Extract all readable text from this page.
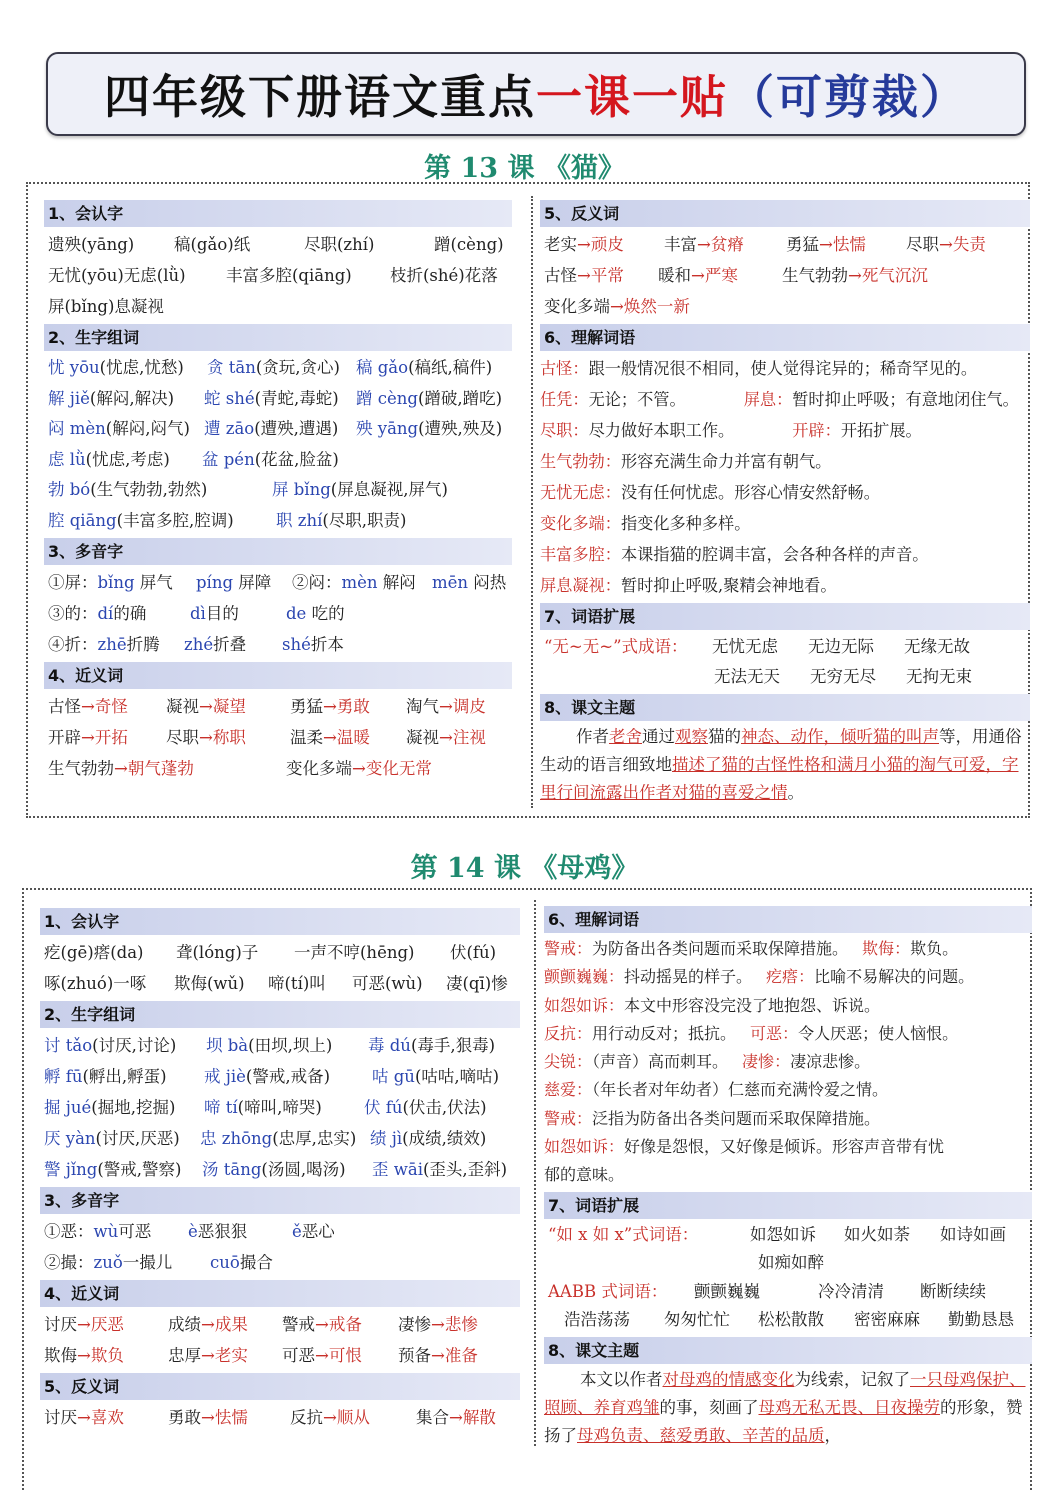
四年级下册语文重点 一课一贴 （可剪裁）
第 13 课 《猫》
1、会认字
遗殃(yāng) 稿(gǎo)纸	尽职(zhí)	蹭(cèng)
无忧(yōu)无虑(lǜ) 丰富多腔(qiāng) 枝折(shé)花落
屏(bǐng)息凝视
2、生字组词
忧 yōu(忧虑,忧愁) 贪 tān(贪玩,贪心) 稿 gǎo(稿纸,稿件)
解 jiě(解闷,解决) 蛇 shé(青蛇,毒蛇) 蹭 cèng(蹭破,蹭吃)
闷 mèn(解闷,闷气) 遭 zāo(遭殃,遭遇) 殃 yāng(遭殃,殃及)
虑 lǜ(忧虑,考虑) 盆 pén(花盆,脸盆)
勃 bó(生气勃勃,勃然)	屏 bǐng(屏息凝视,屏气)
腔 qiāng(丰富多腔,腔调)	职 zhí(尽职,职责)
3、多音字
①屏：bǐng 屏气 píng 屏障 ②闷：mèn 解闷 mēn 闷热
③的：dí的确	dì目的	de 吃的
④折：zhē折腾 zhé折叠 shé折本
4、近义词
古怪→奇怪 凝视→凝望	勇猛→勇敢 淘气→调皮
开辟→开拓 尽职→称职	温柔→温暖 凝视→注视
生气勃勃→朝气蓬勃	变化多端→变化无常
5、反义词
老实→顽皮 丰富→贫瘠	勇猛→怯懦 尽职→失责
古怪→平常 暖和→严寒	生气勃勃→死气沉沉
变化多端→焕然一新
6、理解词语
古怪：跟一般情况很不相同，使人觉得诧异的；稀奇罕见的。
任凭：无论；不管。	屏息：暂时抑止呼吸；有意地闭住气。
尽职：尽力做好本职工作。	开辟：开拓扩展。
生气勃勃：形容充满生命力并富有朝气。
无忧无虑：没有任何忧虑。形容心情安然舒畅。
变化多端：指变化多种多样。
丰富多腔：本课指猫的腔调丰富，会各种各样的声音。
屏息凝视：暂时抑止呼吸,聚精会神地看。
7、词语扩展
“无~无~”式成语： 无忧无虑 无边无际 无缘无故
无法无天 无穷无尽 无拘无束
8、课文主题
作者老舍通过观察猫的神态、动作，倾听猫的叫声等，用通俗生动的语言细致地描述了猫的古怪性格和满月小猫的淘气可爱，字里行间流露出作者对猫的喜爱之情。
第 14 课 《母鸡》
1、会认字
疙(gē)瘩(da) 聋(lóng)子 一声不哼(hēng) 伏(fú)
啄(zhuó)一啄 欺侮(wǔ) 啼(tí)叫 可恶(wù) 凄(qī)惨
2、生字组词
讨 tǎo(讨厌,讨论) 坝 bà(田坝,坝上) 毒 dú(毒手,狠毒)
孵 fū(孵出,孵蛋) 戒 jiè(警戒,戒备)	咕 gū(咕咕,嘀咕)
掘 jué(掘地,挖掘) 啼 tí(啼叫,啼哭)	伏 fú(伏击,伏法)
厌 yàn(讨厌,厌恶) 忠 zhōng(忠厚,忠实) 绩 jì(成绩,绩效)
警 jǐng(警戒,警察) 汤 tāng(汤圆,喝汤) 歪 wāi(歪头,歪斜)
3、多音字
①恶：wù可恶 è恶狠狠	ě恶心
②撮：zuǒ一撮儿 cuō撮合
4、近义词
讨厌→厌恶	成绩→成果 警戒→戒备 凄惨→悲惨
欺侮→欺负	忠厚→老实 可恶→可恨 预备→准备
5、反义词
讨厌→喜欢	勇敢→怯懦	反抗→顺从	集合→解散
6、理解词语
警戒：为防备出各类问题而采取保障措施。 欺侮：欺负。
颤颤巍巍：抖动摇晃的样子。 疙瘩：比喻不易解决的问题。
如怨如诉：本文中形容没完没了地抱怨、诉说。
反抗：用行动反对；抵抗。 可恶：令人厌恶；使人恼恨。
尖锐：（声音）高而刺耳。 凄惨：凄凉悲惨。
慈爱：（年长者对年幼者）仁慈而充满怜爱之情。
警戒：泛指为防备出各类问题而采取保障措施。
如怨如诉：好像是怨恨，又好像是倾诉。形容声音带有忧
郁的意味。
7、词语扩展
“如 x 如 x”式词语：	如怨如诉 如火如荼 如诗如画
如痴如醉
AABB 式词语： 颤颤巍巍	冷冷清清 断断续续
浩浩荡荡 匆匆忙忙 松松散散 密密麻麻 勤勤恳恳
8、课文主题
本文以作者对母鸡的情感变化为线索，记叙了一只母鸡保护、照顾、养育鸡雏的事，刻画了母鸡无私无畏、日夜操劳的形象，赞扬了母鸡负责、慈爱勇敢、辛苦的品质，
